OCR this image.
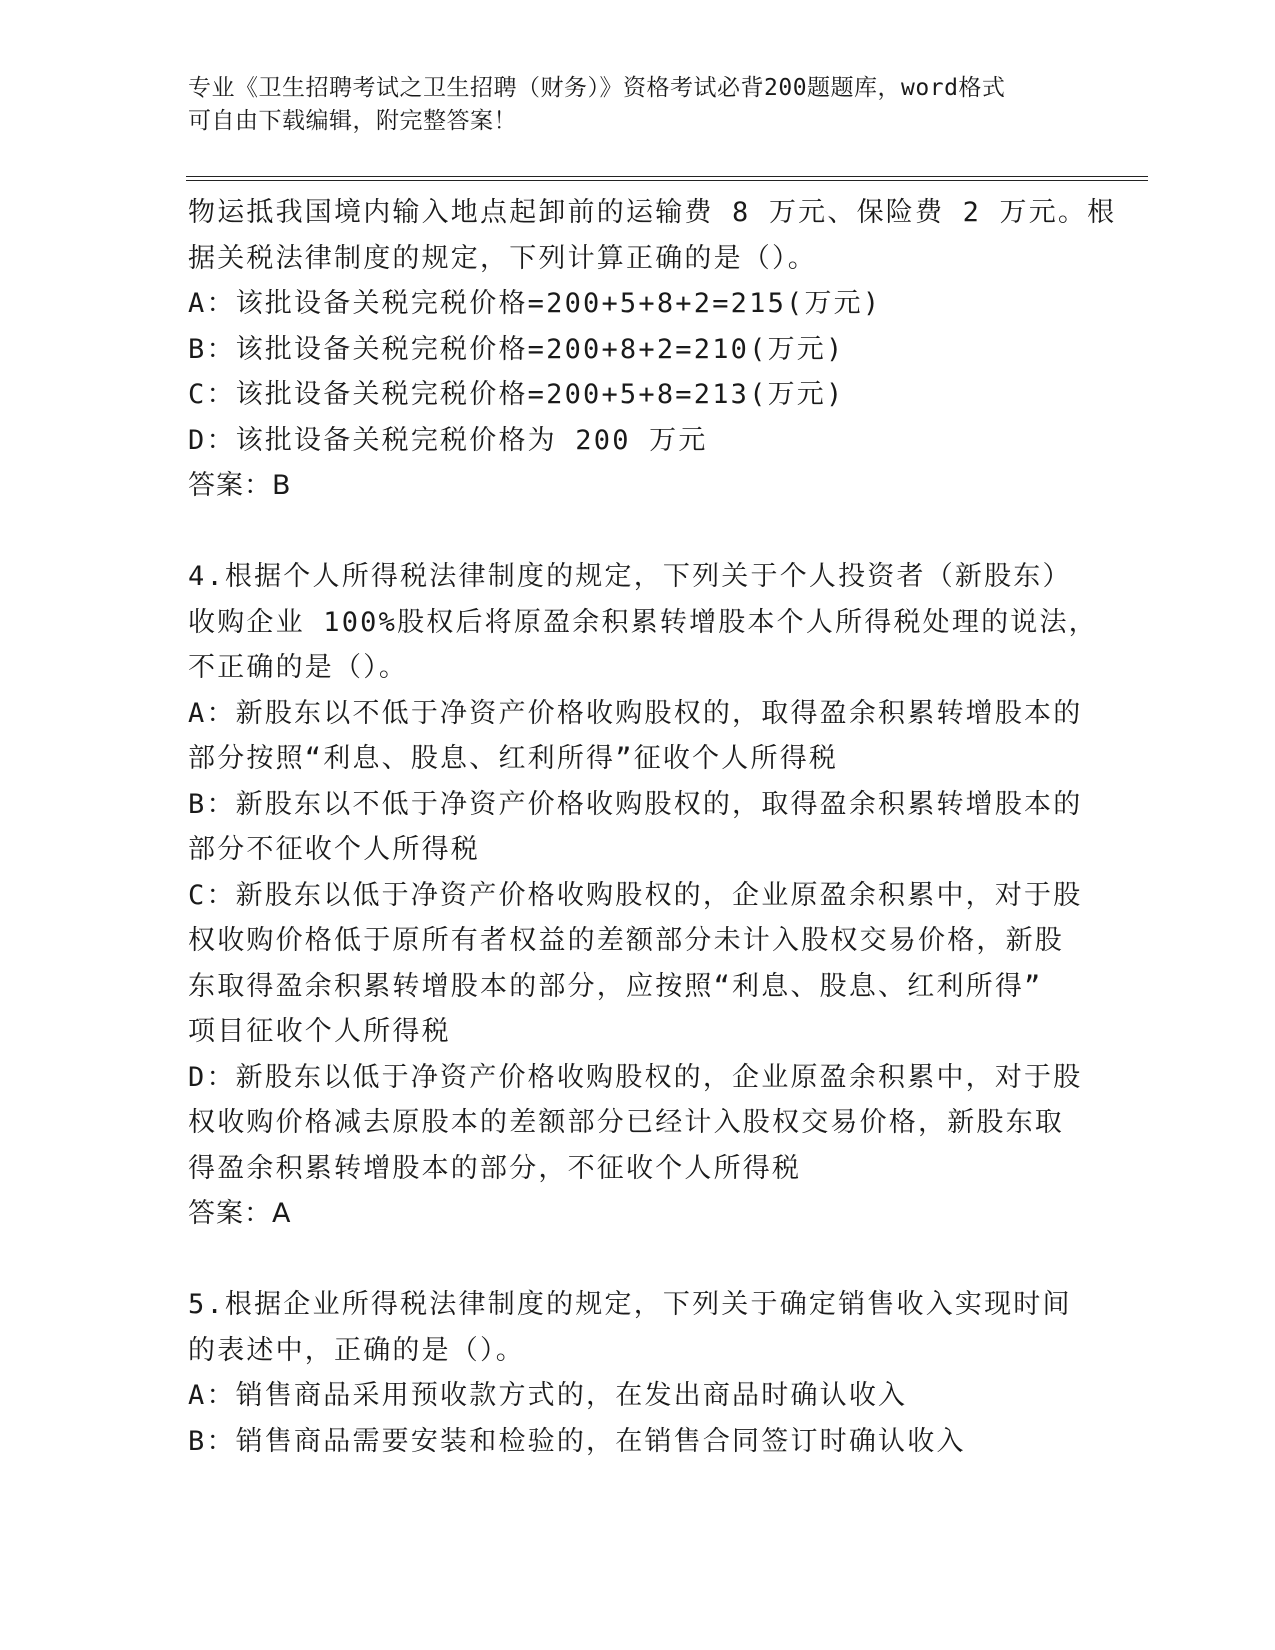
专业《卫生招聘考试之卫生招聘（财务）》资格考试必背200题题库，word格式
可自由下载编辑，附完整答案！
物运抵我国境内输入地点起卸前的运输费 8 万元、保险费 2 万元。根
据关税法律制度的规定，下列计算正确的是（）。
A：该批设备关税完税价格=200+5+8+2=215(万元)
B：该批设备关税完税价格=200+8+2=210(万元)
C：该批设备关税完税价格=200+5+8=213(万元)
D：该批设备关税完税价格为 200 万元
答案：B
4.根据个人所得税法律制度的规定，下列关于个人投资者（新股东）
收购企业 100%股权后将原盈余积累转增股本个人所得税处理的说法，
不正确的是（）。
A：新股东以不低于净资产价格收购股权的，取得盈余积累转增股本的
部分按照“利息、股息、红利所得”征收个人所得税
B：新股东以不低于净资产价格收购股权的，取得盈余积累转增股本的
部分不征收个人所得税
C：新股东以低于净资产价格收购股权的，企业原盈余积累中，对于股
权收购价格低于原所有者权益的差额部分未计入股权交易价格，新股
东取得盈余积累转增股本的部分，应按照“利息、股息、红利所得”
项目征收个人所得税
D：新股东以低于净资产价格收购股权的，企业原盈余积累中，对于股
权收购价格减去原股本的差额部分已经计入股权交易价格，新股东取
得盈余积累转增股本的部分，不征收个人所得税
答案：A
5.根据企业所得税法律制度的规定，下列关于确定销售收入实现时间
的表述中，正确的是（）。
A：销售商品采用预收款方式的，在发出商品时确认收入
B：销售商品需要安装和检验的，在销售合同签订时确认收入
